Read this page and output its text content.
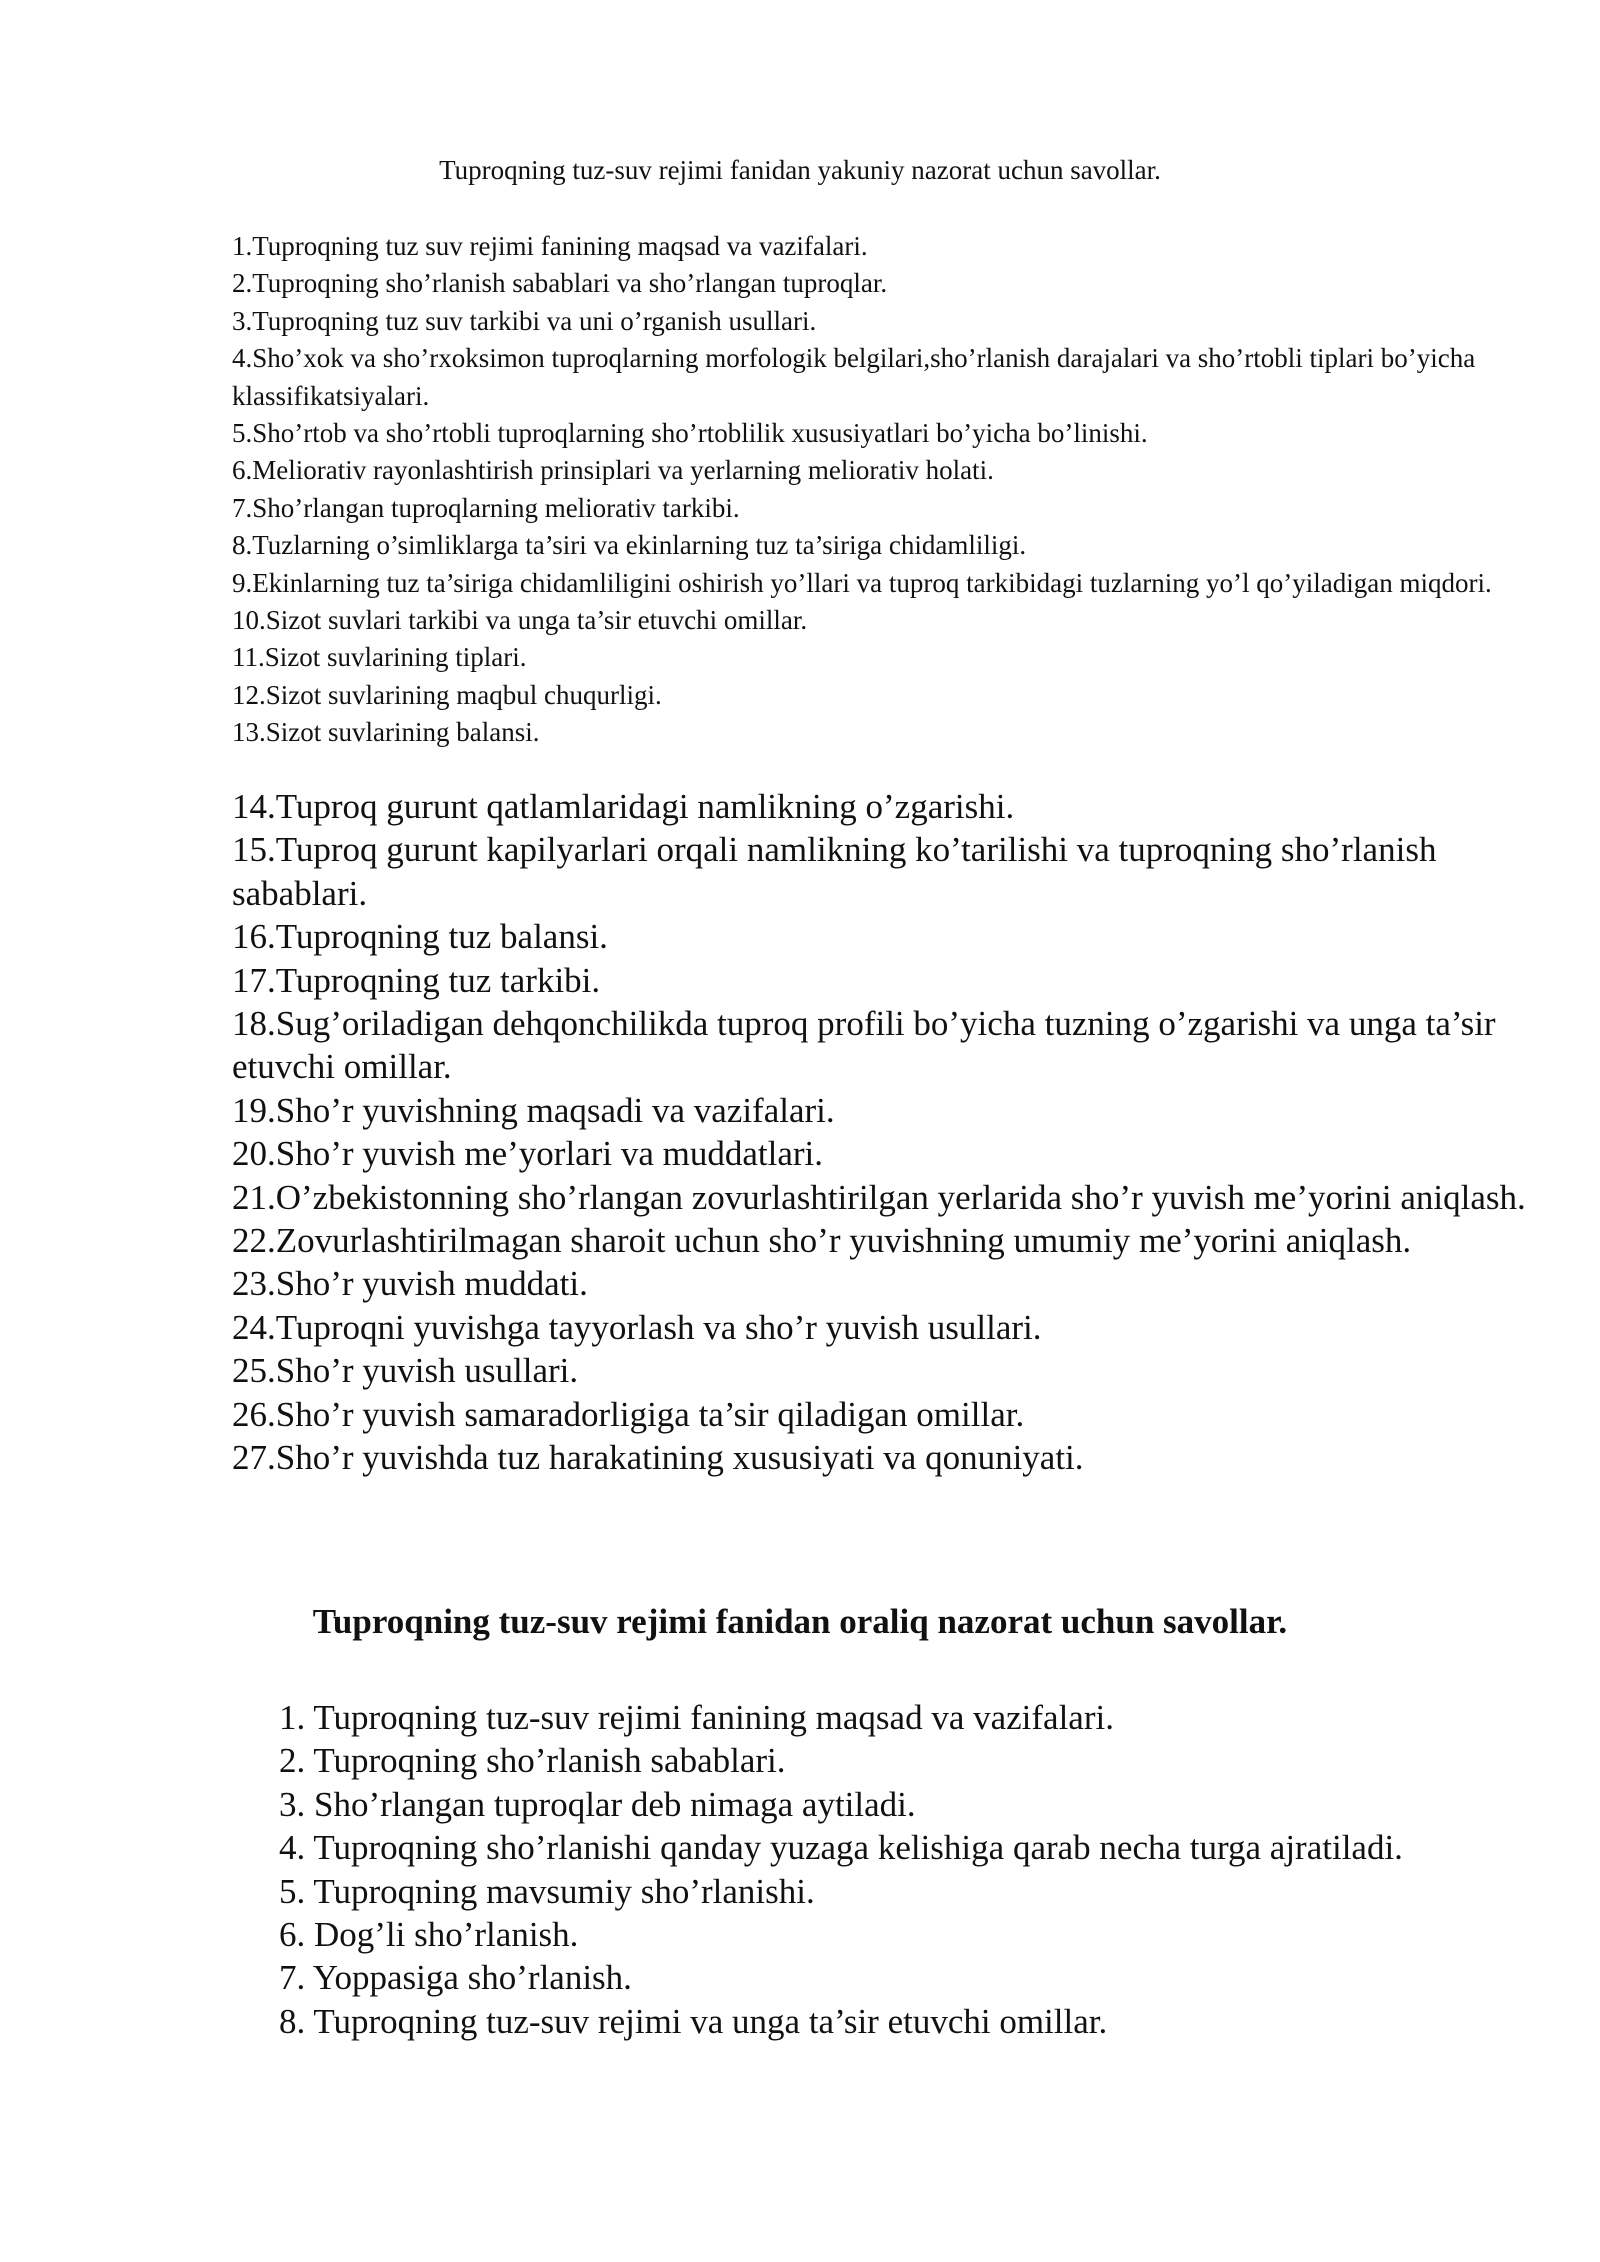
Tuproqning tuz-suv rejimi fanidan yakuniy nazorat uchun savollar.
1.Tuproqning tuz suv rejimi fanining maqsad va vazifalari.
2.Tuproqning sho’rlanish sabablari va sho’rlangan tuproqlar.
3.Tuproqning tuz suv tarkibi va uni o’rganish usullari.
4.Sho’xok va sho’rxoksimon tuproqlarning morfologik belgilari,sho’rlanish darajalari va sho’rtobli tiplari bo’yicha klassifikatsiyalari.
5.Sho’rtob va sho’rtobli tuproqlarning sho’rtoblilik xususiyatlari bo’yicha bo’linishi.
6.Meliorativ rayonlashtirish prinsiplari va yerlarning meliorativ holati.
7.Sho’rlangan tuproqlarning meliorativ tarkibi.
8.Tuzlarning o’simliklarga ta’siri va ekinlarning tuz ta’siriga chidamliligi.
9.Ekinlarning tuz ta’siriga chidamliligini oshirish yo’llari va tuproq tarkibidagi tuzlarning yo’l qo’yiladigan miqdori.
10.Sizot suvlari tarkibi va unga ta’sir etuvchi omillar.
11.Sizot suvlarining tiplari.
12.Sizot suvlarining maqbul chuqurligi.
13.Sizot suvlarining balansi.
14.Tuproq gurunt qatlamlaridagi namlikning o’zgarishi.
15.Tuproq gurunt kapilyarlari orqali namlikning ko’tarilishi va tuproqning sho’rlanish sabablari.
16.Tuproqning tuz balansi.
17.Tuproqning tuz tarkibi.
18.Sug’oriladigan dehqonchilikda tuproq profili bo’yicha tuzning o’zgarishi va unga ta’sir etuvchi omillar.
19.Sho’r yuvishning maqsadi va vazifalari.
20.Sho’r yuvish me’yorlari va muddatlari.
21.O’zbekistonning sho’rlangan zovurlashtirilgan yerlarida sho’r yuvish me’yorini aniqlash.
22.Zovurlashtirilmagan sharoit uchun sho’r yuvishning umumiy me’yorini aniqlash.
23.Sho’r yuvish muddati.
24.Tuproqni yuvishga tayyorlash va sho’r yuvish usullari.
25.Sho’r yuvish usullari.
26.Sho’r yuvish samaradorligiga ta’sir qiladigan omillar.
27.Sho’r yuvishda tuz harakatining xususiyati va qonuniyati.
Tuproqning tuz-suv rejimi fanidan oraliq nazorat uchun savollar.
1. Tuproqning tuz-suv rejimi fanining maqsad va vazifalari.
2. Tuproqning sho’rlanish sabablari.
3. Sho’rlangan tuproqlar deb nimaga aytiladi.
4. Tuproqning sho’rlanishi qanday yuzaga kelishiga qarab necha turga ajratiladi.
5. Tuproqning mavsumiy sho’rlanishi.
6. Dog’li sho’rlanish.
7. Yoppasiga sho’rlanish.
8. Tuproqning tuz-suv rejimi va unga ta’sir etuvchi omillar.
